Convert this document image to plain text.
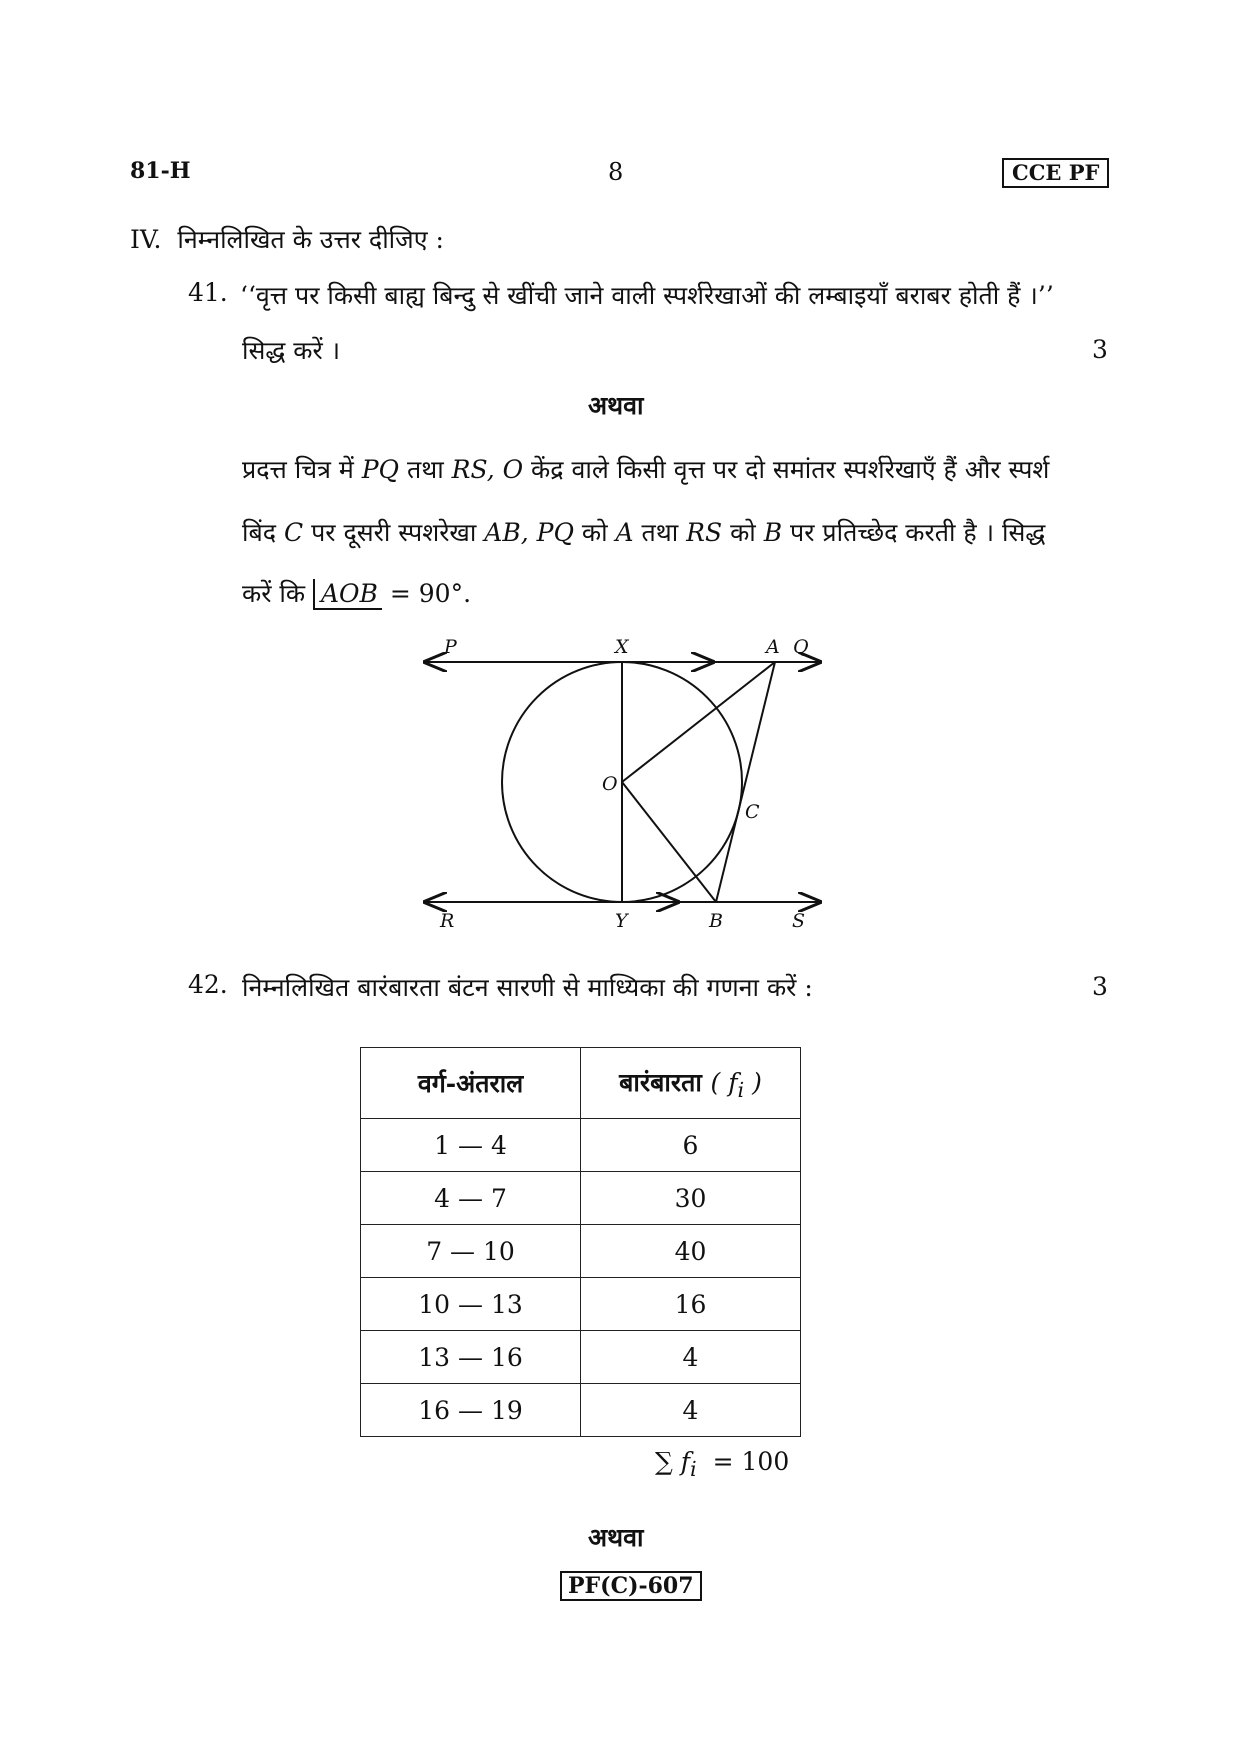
81-H	8	CCE PF
IV. निम्नलिखित के उत्तर दीजिए :
41. ‘‘वृत्त पर किसी बाह्य बिन्दु से खींची जाने वाली स्पर्शरेखाओं की लम्बाइयाँ बराबर होती हैं ।’’
सिद्ध करें ।	3
अथवा
प्रदत्त चित्र में PQ तथा RS, O केंद्र वाले किसी वृत्त पर दो समांतर स्पर्शरेखाएँ हैं और स्पर्श
बिंद C पर दूसरी स्पशरेखा AB, PQ को A तथा RS को B पर प्रतिच्छेद करती है । सिद्ध
करें कि AOB = 90°.
P	X	A Q
O
C
R	Y	B	S
42. निम्नलिखित बारंबारता बंटन सारणी से माध्यिका की गणना करें :	3
वर्ग-अंतराल	बारंबारता ( $f_i$ )
1 — 4	6
4 — 7	30
7 — 10	40
10 — 13	16
13 — 16	4
16 — 19	4
∑ $f_i = 100$
अथवा
PF(C)-607
